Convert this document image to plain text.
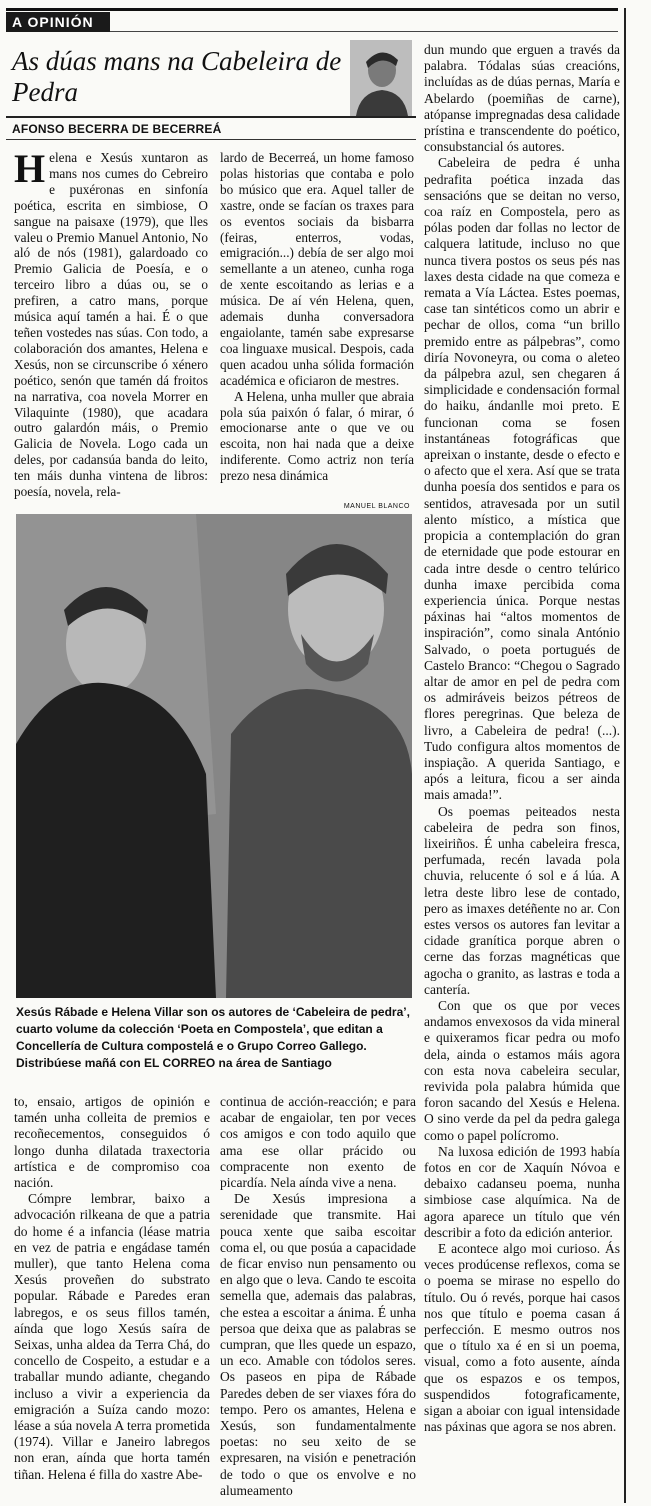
A OPINIÓN
As dúas mans na Cabeleira de Pedra
AFONSO BECERRA DE BECERREÁ

Helena e Xesús xuntaron as mans nos cumes do Cebreiro e puxéronas en sinfonía poética, escrita en simbiose, O sangue na paisaxe (1979), que lles valeu o Premio Manuel Antonio, No aló de nós (1981), galardoado co Premio Galicia de Poesía, e o terceiro libro a dúas ou, se o prefiren, a catro mans, porque música aquí tamén a hai. É o que teñen vostedes nas súas. Con todo, a colaboración dos amantes, Helena e Xesús, non se circunscribe ó xénero poético, senón que tamén dá froitos na narrativa, coa novela Morrer en Vilaquinte (1980), que acadara outro galardón máis, o Premio Galicia de Novela. Logo cada un deles, por cadansúa banda do leito, ten máis dunha vintena de libros: poesía, novela, rela-

lardo de Becerreá, un home famoso polas historias que contaba e polo bo músico que era. Aquel taller de xastre, onde se facían os traxes para os eventos sociais da bisbarra (feiras, enterros, vodas, emigración...) debía de ser algo moi semellante a un ateneo, cunha roga de xente escoitando as lerias e a música. De aí vén Helena, quen, ademais dunha conversadora engaiolante, tamén sabe expresarse coa linguaxe musical. Despois, cada quen acadou unha sólida formación académica e oficiaron de mestres.

A Helena, unha muller que abraia pola súa paixón ó falar, ó mirar, ó emocionarse ante o que ve ou escoita, non hai nada que a deixe indiferente. Como actriz non tería prezo nesa dinámica

MANUEL BLANCO

Xesús Rábade e Helena Villar son os autores de ‘Cabeleira de pedra’, cuarto volume da colección ‘Poeta en Compostela’, que editan a Concellería de Cultura compostelá e o Grupo Correo Gallego. Distribúese mañá con EL CORREO na área de Santiago

to, ensaio, artigos de opinión e tamén unha colleita de premios e recoñecementos, conseguidos ó longo dunha dilatada traxectoria artística e de compromiso coa nación.

Cómpre lembrar, baixo a advocación rilkeana de que a patria do home é a infancia (léase matria en vez de patria e engádase tamén muller), que tanto Helena coma Xesús proveñen do substrato popular. Rábade e Paredes eran labregos, e os seus fillos tamén, aínda que logo Xesús saíra de Seixas, unha aldea da Terra Chá, do concello de Cospeito, a estudar e a traballar mundo adiante, chegando incluso a vivir a experiencia da emigración a Suíza cando mozo: léase a súa novela A terra prometida (1974). Villar e Janeiro labregos non eran, aínda que horta tamén tiñan. Helena é filla do xastre Abe-

continua de acción-reacción; e para acabar de engaiolar, ten por veces cos amigos e con todo aquilo que ama ese ollar prácido ou compracente non exento de picardía. Nela aínda vive a nena.

De Xesús impresiona a serenidade que transmite. Hai pouca xente que saiba escoitar coma el, ou que posúa a capacidade de ficar enviso nun pensamento ou en algo que o leva. Cando te escoita semella que, ademais das palabras, che estea a escoitar a ánima. É unha persoa que deixa que as palabras se cumpran, que lles quede un espazo, un eco. Amable con tódolos seres. Os paseos en pipa de Rábade Paredes deben de ser viaxes fóra do tempo. Pero os amantes, Helena e Xesús, son fundamentalmente poetas: no seu xeito de se expresaren, na visión e penetración de todo o que os envolve e no alumeamento

dun mundo que erguen a través da palabra. Tódalas súas creacións, incluídas as de dúas pernas, María e Abelardo (poemiñas de carne), atópanse impregnadas desa calidade prístina e transcendente do poético, consubstancial ós autores.

Cabeleira de pedra é unha pedrafita poética inzada das sensacións que se deitan no verso, coa raíz en Compostela, pero as pólas poden dar follas no lector de calquera latitude, incluso no que nunca tivera postos os seus pés nas laxes desta cidade na que comeza e remata a Vía Láctea. Estes poemas, case tan sintéticos como un abrir e pechar de ollos, coma “un brillo premido entre as pálpebras”, como diría Novoneyra, ou coma o aleteo da pálpebra azul, sen chegaren á simplicidade e condensación formal do haiku, ándanlle moi preto. E funcionan coma se fosen instantáneas fotográficas que apreixan o instante, desde o efecto e o afecto que el xera. Así que se trata dunha poesía dos sentidos e para os sentidos, atravesada por un sutil alento místico, a mística que propicia a contemplación do gran de eternidade que pode estourar en cada intre desde o centro telúrico dunha imaxe percibida coma experiencia única. Porque nestas páxinas hai “altos momentos de inspiración”, como sinala António Salvado, o poeta portugués de Castelo Branco: “Chegou o Sagrado altar de amor en pel de pedra com os admiráveis beizos pétreos de flores peregrinas. Que beleza de livro, a Cabeleira de pedra! (...). Tudo configura altos momentos de inspiação. A querida Santiago, e após a leitura, ficou a ser ainda mais amada!”.

Os poemas peiteados nesta cabeleira de pedra son finos, lixeiriños. É unha cabeleira fresca, perfumada, recén lavada pola chuvia, relucente ó sol e á lúa. A letra deste libro lese de contado, pero as imaxes detéñente no ar. Con estes versos os autores fan levitar a cidade granítica porque abren o cerne das forzas magnéticas que agocha o granito, as lastras e toda a cantería.

Con que os que por veces andamos envexosos da vida mineral e quixeramos ficar pedra ou mofo dela, ainda o estamos máis agora con esta nova cabeleira secular, revivida pola palabra húmida que foron sacando del Xesús e Helena. O sino verde da pel da pedra galega como o papel polícromo.

Na luxosa edición de 1993 había fotos en cor de Xaquín Nóvoa e debaixo cadanseu poema, nunha simbiose case alquímica. Na de agora aparece un título que vén describir a foto da edición anterior.

E acontece algo moi curioso. Ás veces prodúcense reflexos, coma se o poema se mirase no espello do título. Ou ó revés, porque hai casos nos que título e poema casan á perfección. E mesmo outros nos que o título xa é en si un poema, visual, como a foto ausente, aínda que os espazos e os tempos, suspendidos fotograficamente, sigan a aboiar con igual intensidade nas páxinas que agora se nos abren.
